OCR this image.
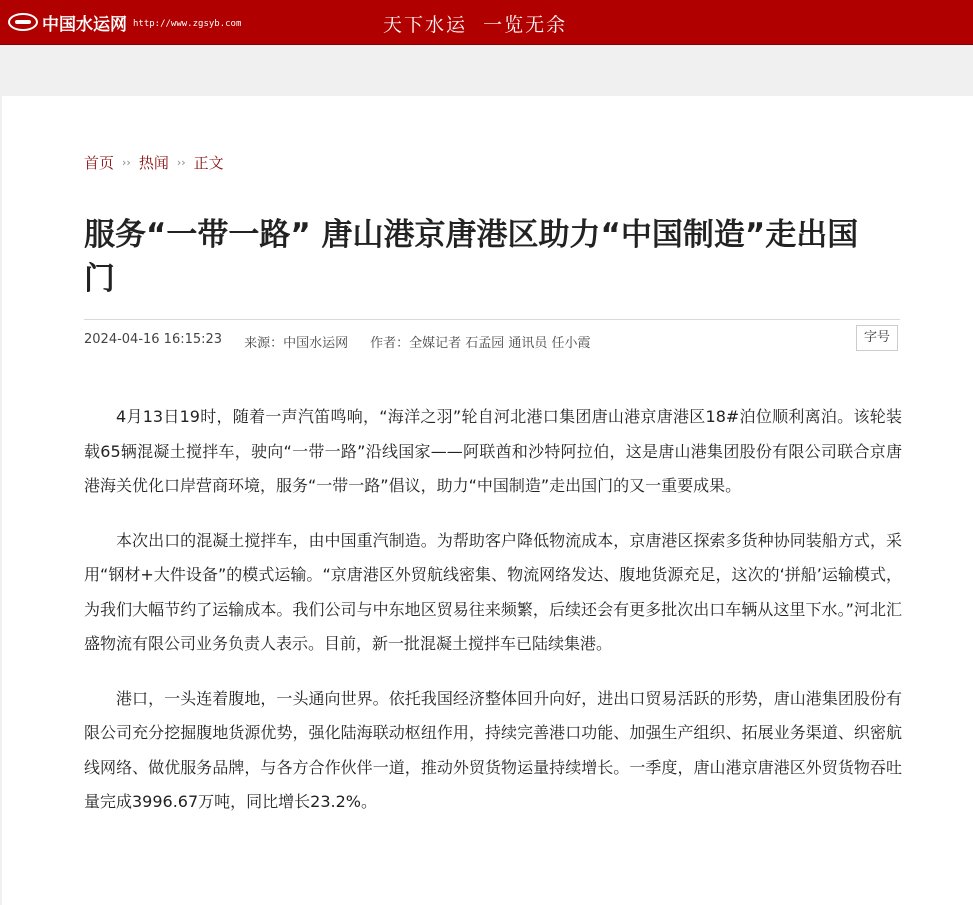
中国水运网 http://www.zgsyb.com	天下水运  一览无余
首页 ›› 热闻 ›› 正文
服务“一带一路” 唐山港京唐港区助力“中国制造”走出国门
2024-04-16 16:15:23 来源：中国水运网 作者：全媒记者 石孟园 通讯员 任小霞	字号

4月13日19时，随着一声汽笛鸣响，“海洋之羽”轮自河北港口集团唐山港京唐港区18#泊位顺利离泊。该轮装载65辆混凝土搅拌车，驶向“一带一路”沿线国家——阿联酋和沙特阿拉伯，这是唐山港集团股份有限公司联合京唐港海关优化口岸营商环境，服务“一带一路”倡议，助力“中国制造”走出国门的又一重要成果。

本次出口的混凝土搅拌车，由中国重汽制造。为帮助客户降低物流成本，京唐港区探索多货种协同装船方式，采用“钢材+大件设备”的模式运输。“京唐港区外贸航线密集、物流网络发达、腹地货源充足，这次的‘拼船’运输模式，为我们大幅节约了运输成本。我们公司与中东地区贸易往来频繁，后续还会有更多批次出口车辆从这里下水。”河北汇盛物流有限公司业务负责人表示。目前，新一批混凝土搅拌车已陆续集港。

港口，一头连着腹地，一头通向世界。依托我国经济整体回升向好，进出口贸易活跃的形势，唐山港集团股份有限公司充分挖掘腹地货源优势，强化陆海联动枢纽作用，持续完善港口功能、加强生产组织、拓展业务渠道、织密航线网络、做优服务品牌，与各方合作伙伴一道，推动外贸货物运量持续增长。一季度，唐山港京唐港区外贸货物吞吐量完成3996.67万吨，同比增长23.2%。
